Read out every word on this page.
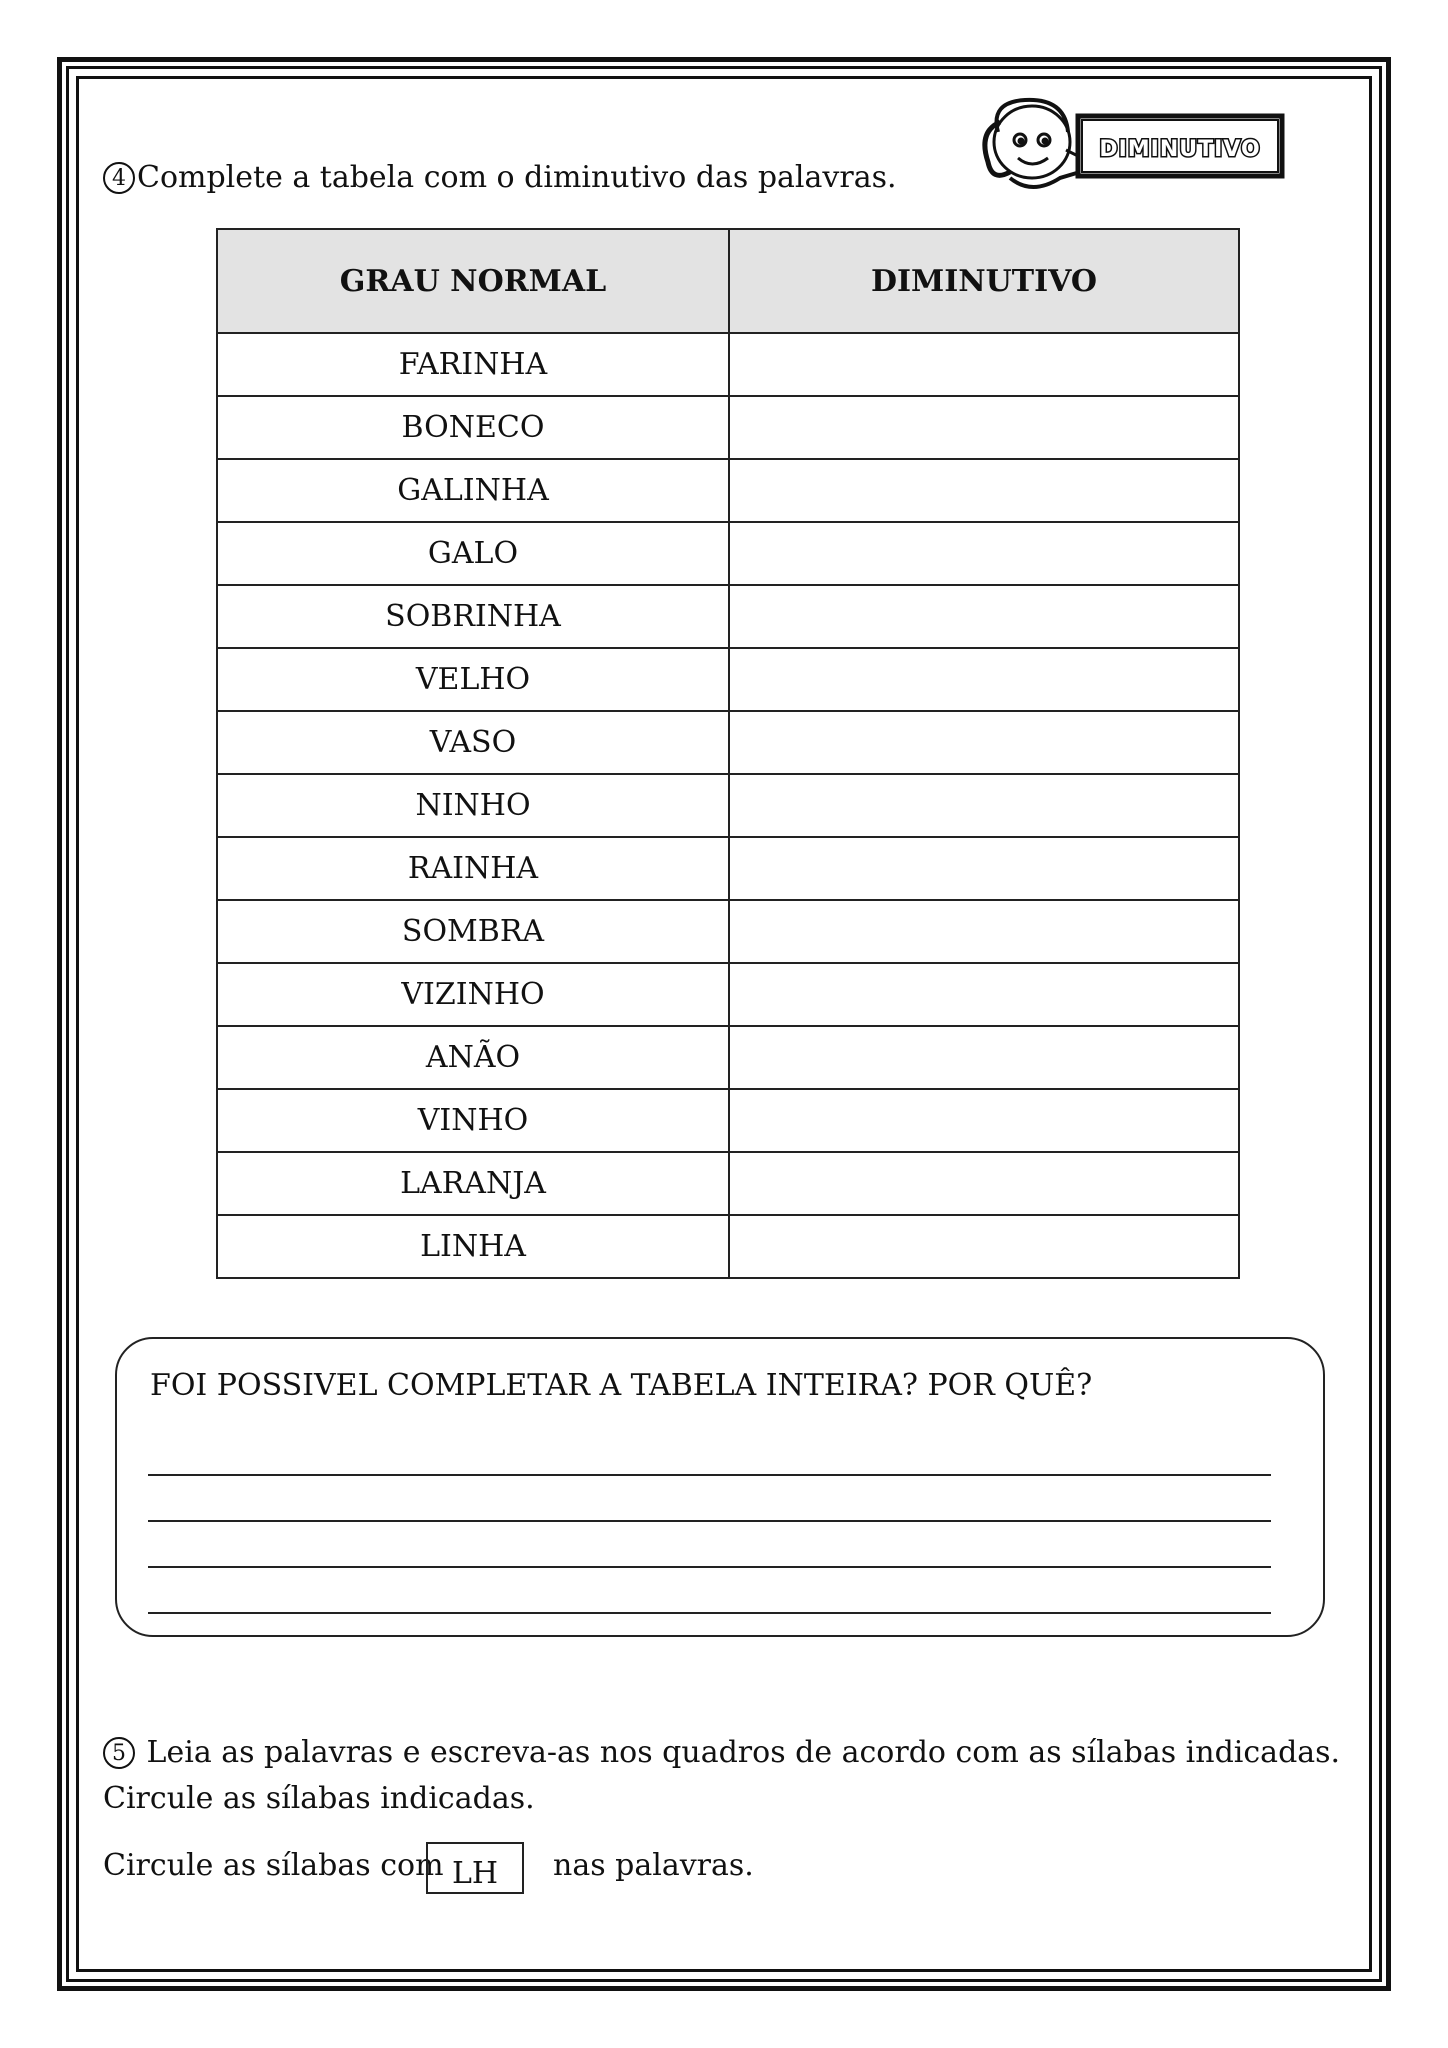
4 Complete a tabela com o diminutivo das palavras.
DIMINUTIVO
GRAU NORMAL	DIMINUTIVO
FARINHA	
BONECO	
GALINHA	
GALO	
SOBRINHA	
VELHO	
VASO	
NINHO	
RAINHA	
SOMBRA	
VIZINHO	
ANÃO	
VINHO	
LARANJA	
LINHA	
FOI POSSIVEL COMPLETAR A TABELA INTEIRA? POR QUÊ?
5 Leia as palavras e escreva-as nos quadros de acordo com as sílabas indicadas. Circule as sílabas indicadas.
Circule as sílabas com LH	nas palavras.
